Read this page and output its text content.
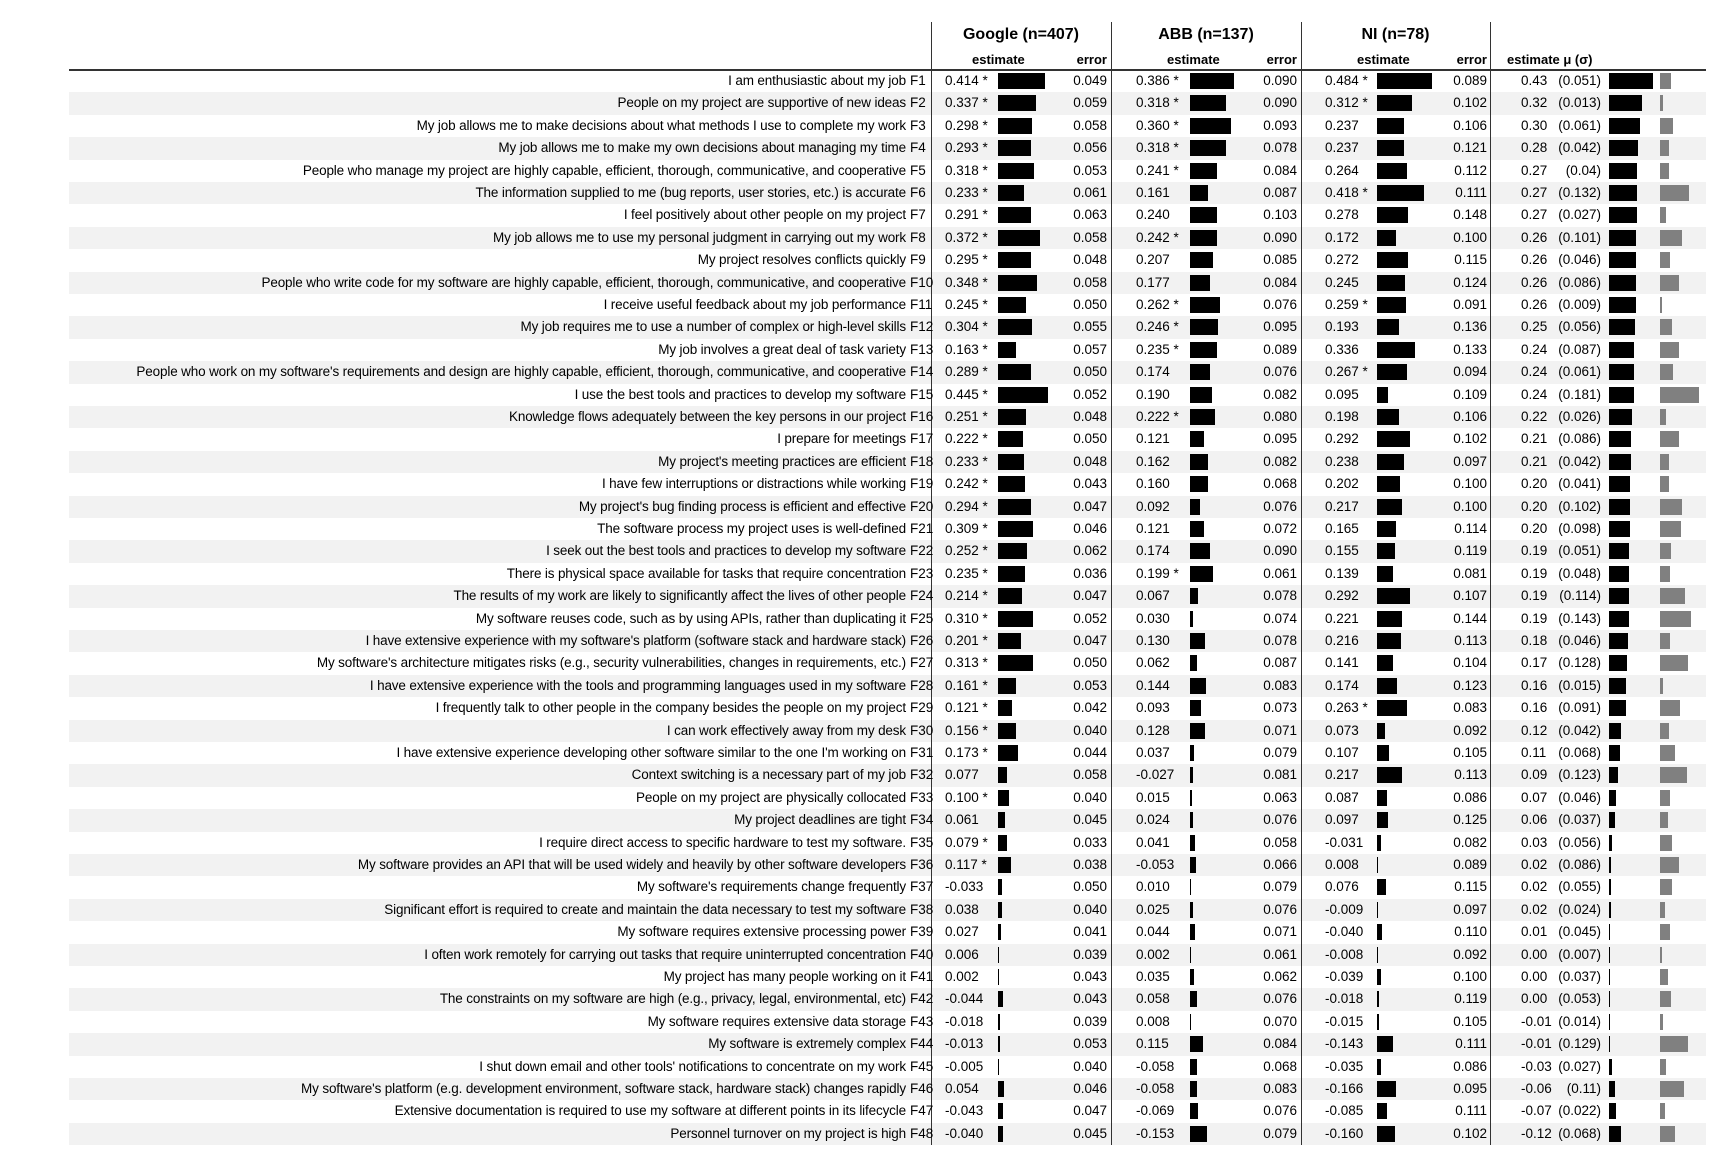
Google (n=407)	ABB (n=137)	NI (n=78)
estimate	error	estimate	error	estimate	error estimate μ (σ)
I am enthusiastic about my job F1 0.414 *	0.049 0.386 *	0.090 0.484 *	0.089	0.43 (0.051)
People on my project are supportive of new ideas F2 0.337 *	0.059 0.318 *	0.090 0.312 *	0.102	0.32 (0.013)
My job allows me to make decisions about what methods I use to complete my work F3 0.298 *	0.058 0.360 *	0.093 0.237	0.106	0.30 (0.061)
My job allows me to make my own decisions about managing my time F4 0.293 *	0.056 0.318 *	0.078 0.237	0.121	0.28 (0.042)
People who manage my project are highly capable, efficient, thorough, communicative, and cooperative F5 0.318 *	0.053 0.241 *	0.084 0.264	0.112	0.27 (0.04)
The information supplied to me (bug reports, user stories, etc.) is accurate F6 0.233 *	0.061 0.161	0.087 0.418 *	0.111	0.27 (0.132)
I feel positively about other people on my project F7 0.291 *	0.063 0.240	0.103 0.278	0.148	0.27 (0.027)
My job allows me to use my personal judgment in carrying out my work F8 0.372 *	0.058 0.242 *	0.090 0.172	0.100	0.26 (0.101)
My project resolves conflicts quickly F9 0.295 *	0.048 0.207	0.085 0.272	0.115	0.26 (0.046)
People who write code for my software are highly capable, efficient, thorough, communicative, and cooperative F10 0.348 *	0.058 0.177	0.084 0.245	0.124	0.26 (0.086)
I receive useful feedback about my job performance F11 0.245 *	0.050 0.262 *	0.076 0.259 *	0.091	0.26 (0.009)
My job requires me to use a number of complex or high-level skills F12 0.304 *	0.055 0.246 *	0.095 0.193	0.136	0.25 (0.056)
My job involves a great deal of task variety F13 0.163 *	0.057 0.235 *	0.089 0.336	0.133	0.24 (0.087)
People who work on my software's requirements and design are highly capable, efficient, thorough, communicative, and cooperative F14 0.289 *	0.050 0.174	0.076 0.267 *	0.094	0.24 (0.061)
I use the best tools and practices to develop my software F15 0.445 *	0.052 0.190	0.082 0.095	0.109	0.24 (0.181)
Knowledge flows adequately between the key persons in our project F16 0.251 *	0.048 0.222 *	0.080 0.198	0.106	0.22 (0.026)
I prepare for meetings F17 0.222 *	0.050 0.121	0.095 0.292	0.102	0.21 (0.086)
My project's meeting practices are efficient F18 0.233 *	0.048 0.162	0.082 0.238	0.097	0.21 (0.042)
I have few interruptions or distractions while working F19 0.242 *	0.043 0.160	0.068 0.202	0.100	0.20 (0.041)
My project's bug finding process is efficient and effective F20 0.294 *	0.047 0.092	0.076 0.217	0.100	0.20 (0.102)
The software process my project uses is well-defined F21 0.309 *	0.046 0.121	0.072 0.165	0.114	0.20 (0.098)
I seek out the best tools and practices to develop my software F22 0.252 *	0.062 0.174	0.090 0.155	0.119	0.19 (0.051)
There is physical space available for tasks that require concentration F23 0.235 *	0.036 0.199 *	0.061 0.139	0.081	0.19 (0.048)
The results of my work are likely to significantly affect the lives of other people F24 0.214 *	0.047 0.067	0.078 0.292	0.107	0.19 (0.114)
My software reuses code, such as by using APIs, rather than duplicating it F25 0.310 *	0.052 0.030	0.074 0.221	0.144	0.19 (0.143)
I have extensive experience with my software's platform (software stack and hardware stack) F26 0.201 *	0.047 0.130	0.078 0.216	0.113	0.18 (0.046)
My software's architecture mitigates risks (e.g., security vulnerabilities, changes in requirements, etc.) F27 0.313 *	0.050 0.062	0.087 0.141	0.104	0.17 (0.128)
I have extensive experience with the tools and programming languages used in my software F28 0.161 *	0.053 0.144	0.083 0.174	0.123	0.16 (0.015)
I frequently talk to other people in the company besides the people on my project F29 0.121 *	0.042 0.093	0.073 0.263 *	0.083	0.16 (0.091)
I can work effectively away from my desk F30 0.156 *	0.040 0.128	0.071 0.073	0.092	0.12 (0.042)
I have extensive experience developing other software similar to the one I'm working on F31 0.173 *	0.044 0.037	0.079 0.107	0.105	0.11 (0.068)
Context switching is a necessary part of my job F32 0.077	0.058 -0.027	0.081 0.217	0.113	0.09 (0.123)
People on my project are physically collocated F33 0.100 *	0.040 0.015	0.063 0.087	0.086	0.07 (0.046)
My project deadlines are tight F34 0.061	0.045 0.024	0.076 0.097	0.125	0.06 (0.037)
I require direct access to specific hardware to test my software. F35 0.079 *	0.033 0.041	0.058 -0.031	0.082	0.03 (0.056)
My software provides an API that will be used widely and heavily by other software developers F36 0.117 *	0.038 -0.053	0.066 0.008	0.089	0.02 (0.086)
My software's requirements change frequently F37 -0.033	0.050 0.010	0.079 0.076	0.115	0.02 (0.055)
Significant effort is required to create and maintain the data necessary to test my software F38 0.038	0.040 0.025	0.076 -0.009	0.097	0.02 (0.024)
My software requires extensive processing power F39 0.027	0.041 0.044	0.071 -0.040	0.110	0.01 (0.045)
I often work remotely for carrying out tasks that require uninterrupted concentration F40 0.006	0.039 0.002	0.061 -0.008	0.092	0.00 (0.007)
My project has many people working on it F41 0.002	0.043 0.035	0.062 -0.039	0.100	0.00 (0.037)
The constraints on my software are high (e.g., privacy, legal, environmental, etc) F42 -0.044	0.043 0.058	0.076 -0.018	0.119	0.00 (0.053)
My software requires extensive data storage F43 -0.018	0.039 0.008	0.070 -0.015	0.105	-0.01 (0.014)
My software is extremely complex F44 -0.013	0.053 0.115	0.084 -0.143	0.111	-0.01 (0.129)
I shut down email and other tools' notifications to concentrate on my work F45 -0.005	0.040 -0.058	0.068 -0.035	0.086	-0.03 (0.027)
My software's platform (e.g. development environment, software stack, hardware stack) changes rapidly F46 0.054	0.046 -0.058	0.083 -0.166	0.095	-0.06 (0.11)
Extensive documentation is required to use my software at different points in its lifecycle F47 -0.043	0.047 -0.069	0.076 -0.085	0.111	-0.07 (0.022)
Personnel turnover on my project is high F48 -0.040	0.045 -0.153	0.079 -0.160	0.102	-0.12 (0.068)
